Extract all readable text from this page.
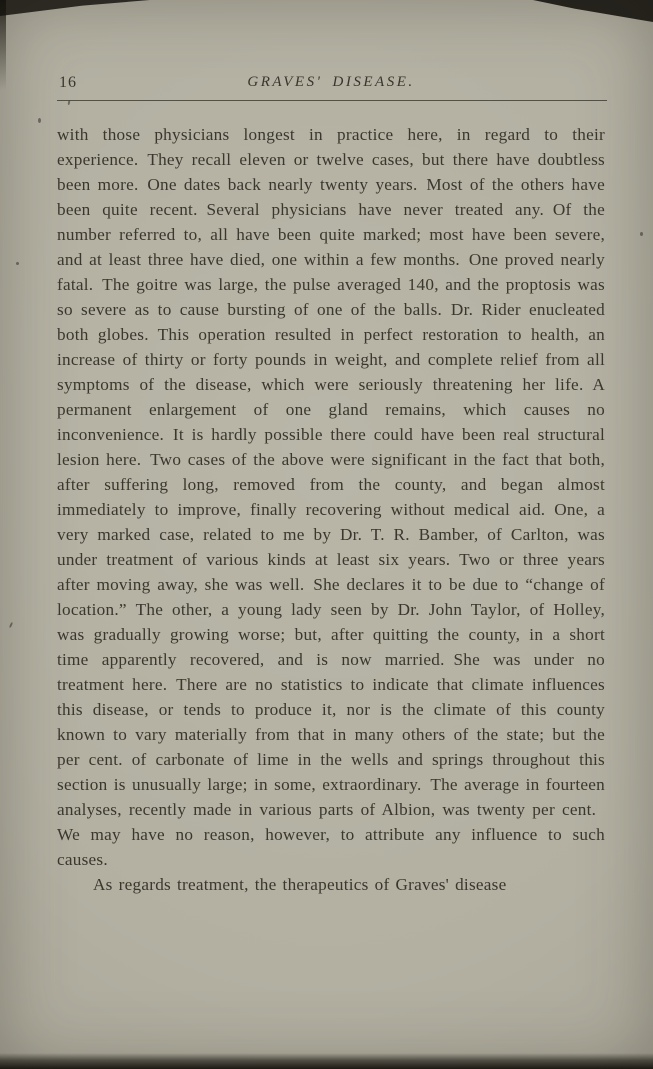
16	GRAVES' DISEASE.

with those physicians longest in practice here, in regard to their experience. They recall eleven or twelve cases, but there have doubtless been more. One dates back nearly twenty years. Most of the others have been quite recent. Several physicians have never treated any. Of the number referred to, all have been quite marked; most have been severe, and at least three have died, one within a few months. One proved nearly fatal. The goitre was large, the pulse averaged 140, and the proptosis was so severe as to cause bursting of one of the balls. Dr. Rider enucleated both globes. This operation resulted in perfect restoration to health, an increase of thirty or forty pounds in weight, and complete relief from all symptoms of the disease, which were seriously threatening her life. A permanent enlargement of one gland remains, which causes no inconvenience. It is hardly possible there could have been real structural lesion here. Two cases of the above were significant in the fact that both, after suffering long, removed from the county, and began almost immediately to improve, finally recovering without medical aid. One, a very marked case, related to me by Dr. T. R. Bamber, of Carlton, was under treatment of various kinds at least six years. Two or three years after moving away, she was well. She declares it to be due to “change of location.” The other, a young lady seen by Dr. John Taylor, of Holley, was gradually growing worse; but, after quitting the county, in a short time apparently recovered, and is now married. She was under no treatment here. There are no statistics to indicate that climate influences this disease, or tends to produce it, nor is the climate of this county known to vary materially from that in many others of the state; but the per cent. of carbonate of lime in the wells and springs throughout this section is unusually large; in some, extraordinary. The average in fourteen analyses, recently made in various parts of Albion, was twenty per cent. We may have no reason, however, to attribute any influence to such causes.

As regards treatment, the therapeutics of Graves' disease
